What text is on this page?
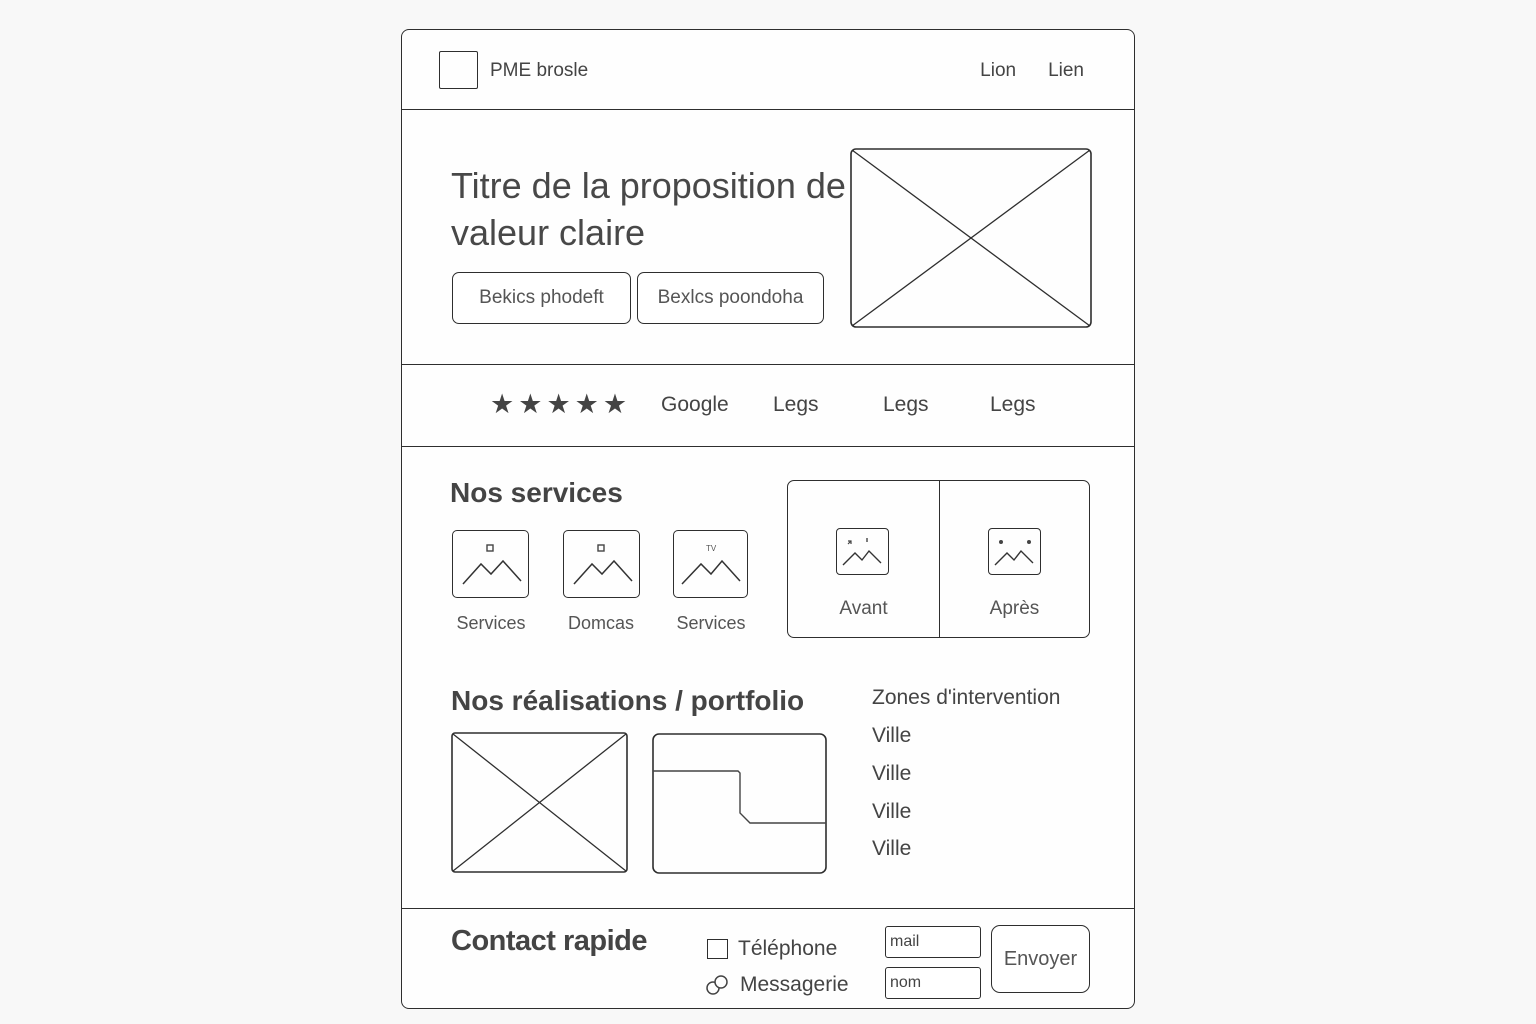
PME brosle	Lion Lien
Titre de la proposition de valeur claire
Bekics phodeft	Bexlcs poondoha
★ ★ ★ ★ ★ Google Legs	Legs	Legs
Nos services
Services	Domcas
TV
Services
Avant	Après
Nos réalisations / portfolio	Zones d'intervention
Ville
Ville
Ville
Ville
Contact rapide	Téléphone
Messagerie
mail
nom
Envoyer
